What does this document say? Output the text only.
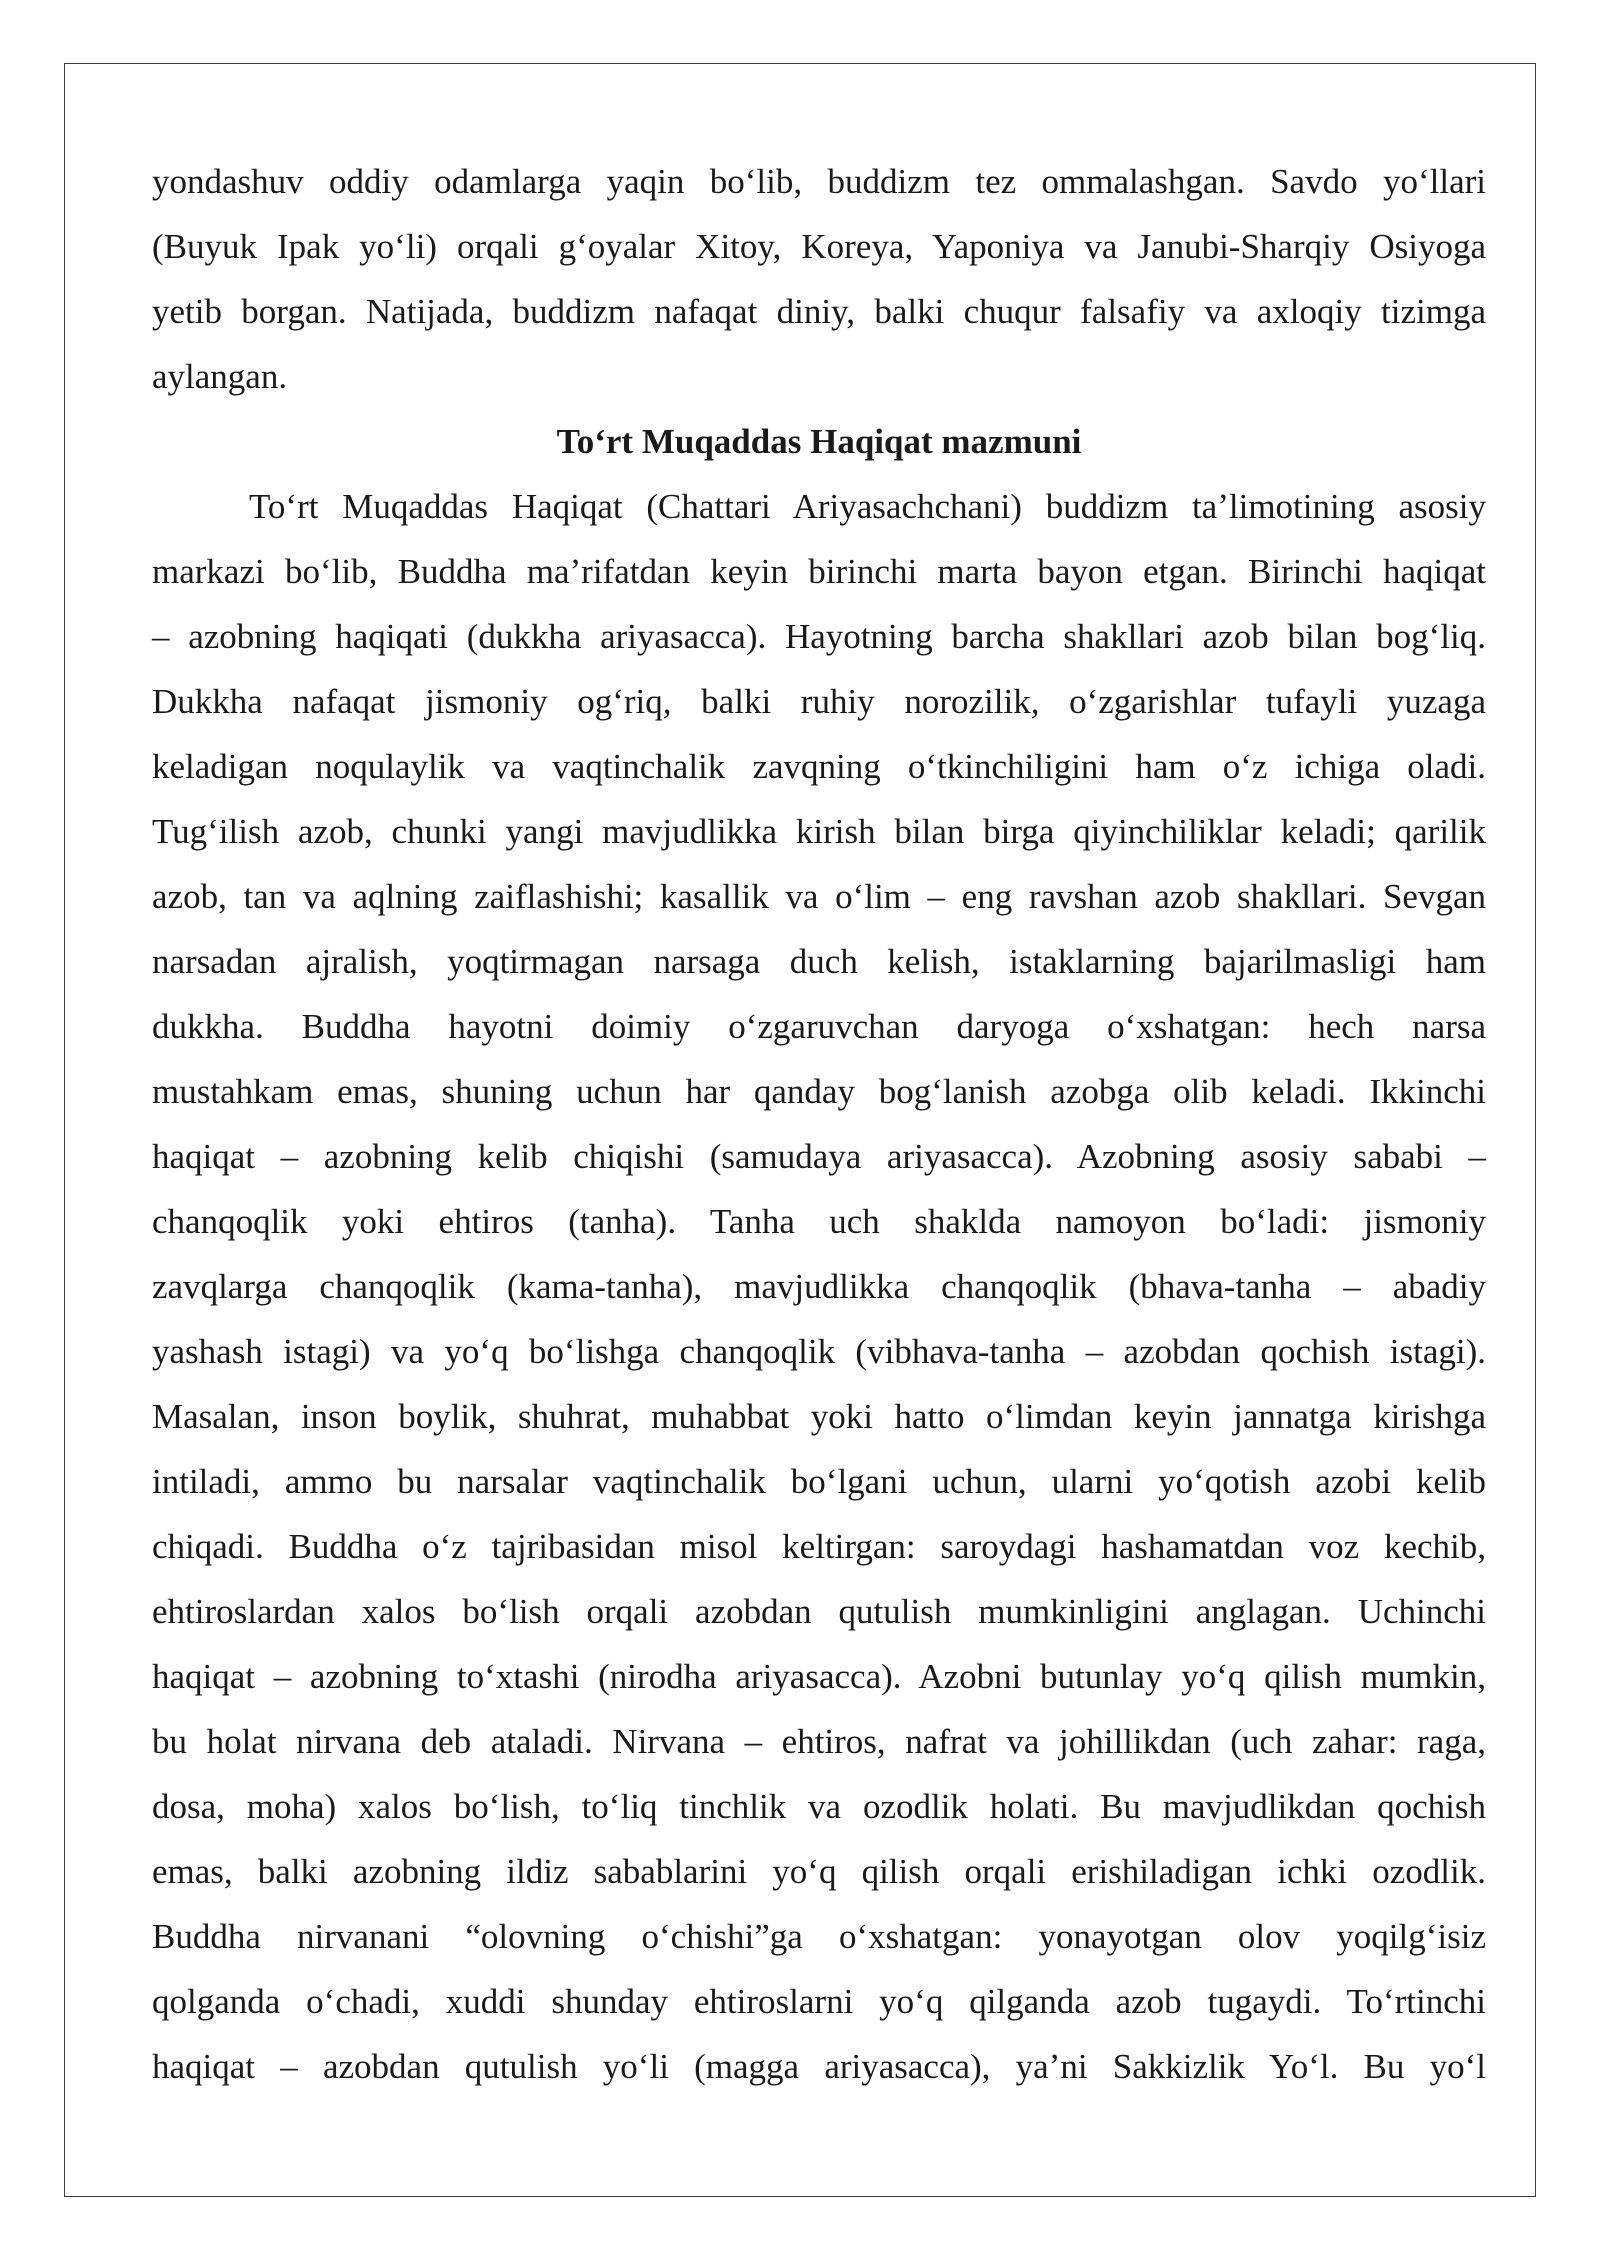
yondashuv oddiy odamlarga yaqin boʻlib, buddizm tez ommalashgan. Savdo yoʻllari
(Buyuk Ipak yoʻli) orqali gʻoyalar Xitoy, Koreya, Yaponiya va Janubi-Sharqiy Osiyoga
yetib borgan. Natijada, buddizm nafaqat diniy, balki chuqur falsafiy va axloqiy tizimga
aylangan.
Toʻrt Muqaddas Haqiqat mazmuni
Toʻrt Muqaddas Haqiqat (Chattari Ariyasachchani) buddizm taʼlimotining asosiy
markazi boʻlib, Buddha maʼrifatdan keyin birinchi marta bayon etgan. Birinchi haqiqat
– azobning haqiqati (dukkha ariyasacca). Hayotning barcha shakllari azob bilan bogʻliq.
Dukkha nafaqat jismoniy ogʻriq, balki ruhiy norozilik, oʻzgarishlar tufayli yuzaga
keladigan noqulaylik va vaqtinchalik zavqning oʻtkinchiligini ham oʻz ichiga oladi.
Tugʻilish azob, chunki yangi mavjudlikka kirish bilan birga qiyinchiliklar keladi; qarilik
azob, tan va aqlning zaiflashishi; kasallik va oʻlim – eng ravshan azob shakllari. Sevgan
narsadan ajralish, yoqtirmagan narsaga duch kelish, istaklarning bajarilmasligi ham
dukkha. Buddha hayotni doimiy oʻzgaruvchan daryoga oʻxshatgan: hech narsa
mustahkam emas, shuning uchun har qanday bogʻlanish azobga olib keladi. Ikkinchi
haqiqat – azobning kelib chiqishi (samudaya ariyasacca). Azobning asosiy sababi –
chanqoqlik yoki ehtiros (tanha). Tanha uch shaklda namoyon boʻladi: jismoniy
zavqlarga chanqoqlik (kama-tanha), mavjudlikka chanqoqlik (bhava-tanha – abadiy
yashash istagi) va yoʻq boʻlishga chanqoqlik (vibhava-tanha – azobdan qochish istagi).
Masalan, inson boylik, shuhrat, muhabbat yoki hatto oʻlimdan keyin jannatga kirishga
intiladi, ammo bu narsalar vaqtinchalik boʻlgani uchun, ularni yoʻqotish azobi kelib
chiqadi. Buddha oʻz tajribasidan misol keltirgan: saroydagi hashamatdan voz kechib,
ehtiroslardan xalos boʻlish orqali azobdan qutulish mumkinligini anglagan. Uchinchi
haqiqat – azobning toʻxtashi (nirodha ariyasacca). Azobni butunlay yoʻq qilish mumkin,
bu holat nirvana deb ataladi. Nirvana – ehtiros, nafrat va johillikdan (uch zahar: raga,
dosa, moha) xalos boʻlish, toʻliq tinchlik va ozodlik holati. Bu mavjudlikdan qochish
emas, balki azobning ildiz sabablarini yoʻq qilish orqali erishiladigan ichki ozodlik.
Buddha nirvanani “olovning oʻchishi”ga oʻxshatgan: yonayotgan olov yoqilgʻisiz
qolganda oʻchadi, xuddi shunday ehtiroslarni yoʻq qilganda azob tugaydi. Toʻrtinchi
haqiqat – azobdan qutulish yoʻli (magga ariyasacca), yaʼni Sakkizlik Yoʻl. Bu yoʻl
